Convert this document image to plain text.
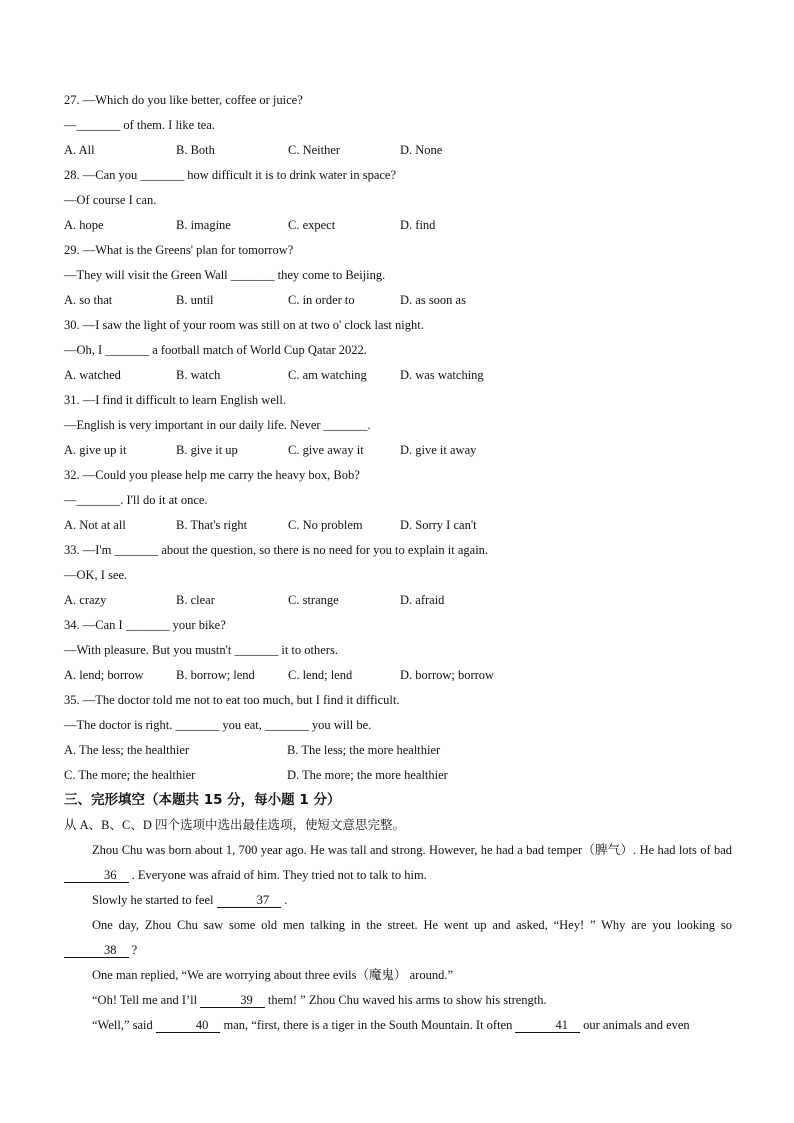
27. —Which do you like better, coffee or juice?
—_______ of them. I like tea.
A. All	B. Both	C. Neither	D. None
28. —Can you _______ how difficult it is to drink water in space?
—Of course I can.
A. hope	B. imagine	C. expect	D. find
29. —What is the Greens' plan for tomorrow?
—They will visit the Green Wall _______ they come to Beijing.
A. so that	B. until	C. in order to	D. as soon as
30. —I saw the light of your room was still on at two o' clock last night.
—Oh, I _______ a football match of World Cup Qatar 2022.
A. watched	B. watch	C. am watching	D. was watching
31. —I find it difficult to learn English well.
—English is very important in our daily life. Never _______.
A. give up it	B. give it up	C. give away it	D. give it away
32. —Could you please help me carry the heavy box, Bob?
—_______. I'll do it at once.
A. Not at all	B. That's right	C. No problem	D. Sorry I can't
33. —I'm _______ about the question, so there is no need for you to explain it again.
—OK, I see.
A. crazy	B. clear	C. strange	D. afraid
34. —Can I _______ your bike?
—With pleasure. But you mustn't _______ it to others.
A. lend; borrow	B. borrow; lend	C. lend; lend	D. borrow; borrow
35. —The doctor told me not to eat too much, but I find it difficult.
—The doctor is right. _______ you eat, _______ you will be.
A. The less; the healthier	B. The less; the more healthier
C. The more; the healthier	D. The more; the more healthier
三、完形填空（本题共 15 分，每小题 1 分）
从 A、B、C、D 四个选项中选出最佳选项，使短文意思完整。

Zhou Chu was born about 1, 700 year ago. He was tall and strong. However, he had a bad temper（脾气）. He had lots of bad 36 . Everyone was afraid of him. They tried not to talk to him.

Slowly he started to feel	37 .

One day, Zhou Chu saw some old men talking in the street. He went up and asked, “Hey! ” Why are you looking so 38 ?

One man replied, “We are worrying about three evils（魔鬼） around.”

“Oh! Tell me and I’ll	39 them! ” Zhou Chu waved his arms to show his strength.

“Well,” said	40 man, “first, there is a tiger in the South Mountain. It often	41 our animals and even
